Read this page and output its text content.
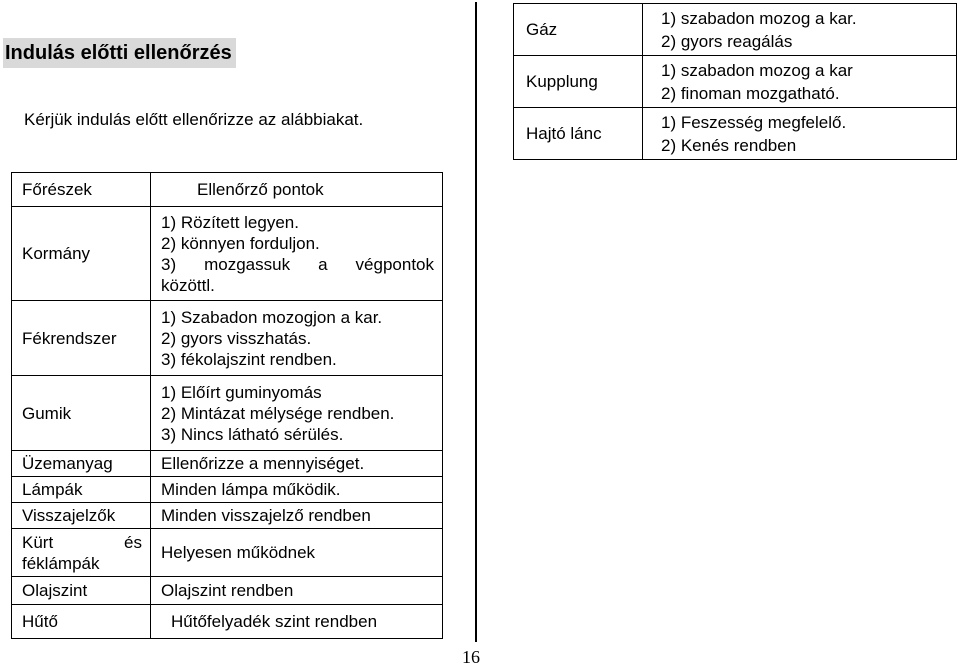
Indulás előtti ellenőrzés
Kérjük indulás előtt ellenőrizze az alábbiakat.
Főrészek	Ellenőrző pontok
Kormány	1) Rözített legyen.
2) könnyen forduljon.
3) mozgassuk a végpontok
közöttl.

Fékrendszer	1) Szabadon mozogjon a kar.
2) gyors visszhatás.
3) fékolajszint rendben.

Gumik	1) Előírt guminyomás
2) Mintázat mélysége rendben.
3) Nincs látható sérülés.

Üzemanyag	Ellenőrizze a mennyiséget.
Lámpák	Minden lámpa működik.
Visszajelzők	Minden visszajelző rendben

Kürt és
féklámpák	Helyesen működnek
Olajszint	Olajszint rendben
Hűtő	Hűtőfelyadék szint rendben
16
Gáz	1) szabadon mozog a kar.
2) gyors reagálás

Kupplung	1) szabadon mozog a kar
2) finoman mozgatható.

Hajtó lánc	1) Feszesség megfelelő.
2) Kenés rendben
